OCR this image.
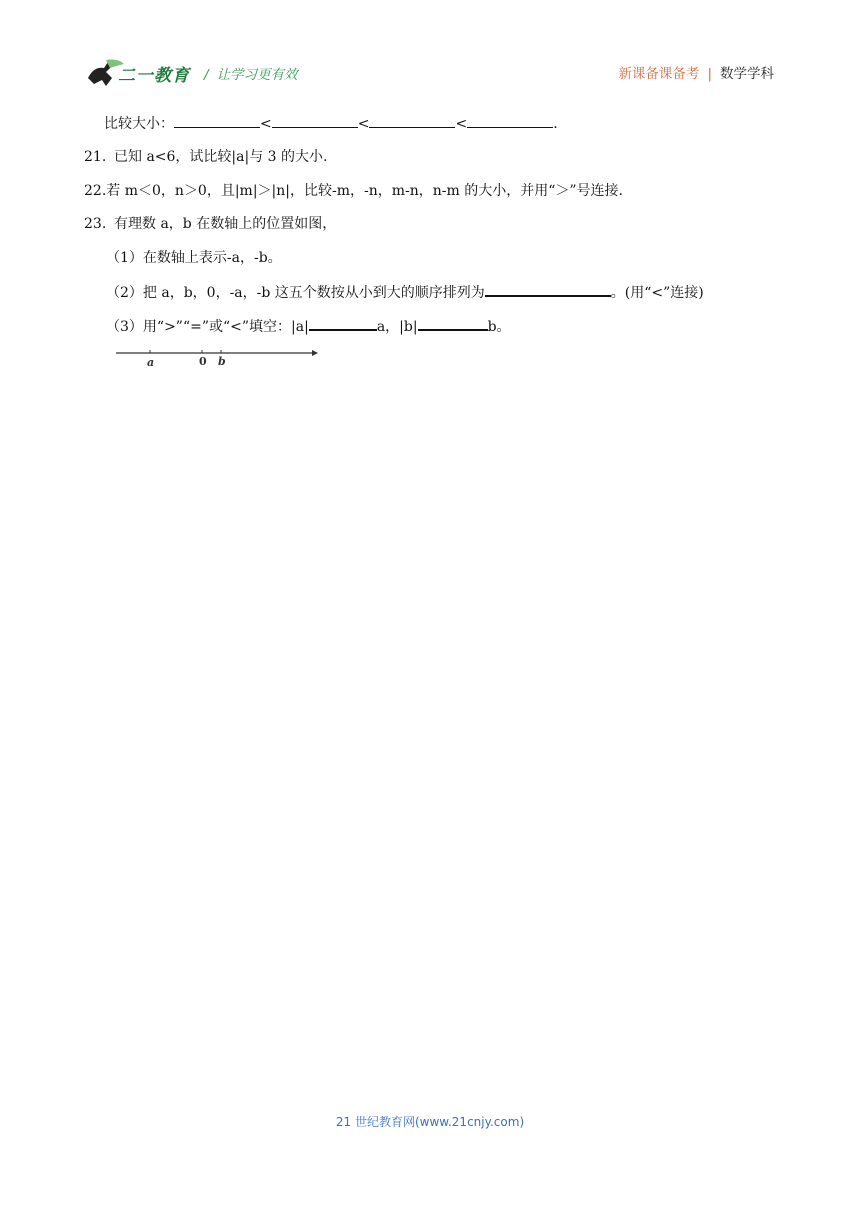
二一教育 / 让学习更有效	新课备课备考 | 数学学科
比较大小：	<	<	<	.
21. 已知 a<6，试比较|a|与 3 的大小.
22.若 m＜0，n＞0，且|m|＞|n|，比较-m，-n，m-n，n-m 的大小，并用“＞”号连接.
23. 有理数 a，b 在数轴上的位置如图，
（1）在数轴上表示-a，-b。
（2）把 a，b，0，-a，-b 这五个数按从小到大的顺序排列为	。(用“<”连接)
（3）用“>”“=”或“<”填空：|a|	a，|b|	b。
a	0 b
21 世纪教育网(www.21cnjy.com)
